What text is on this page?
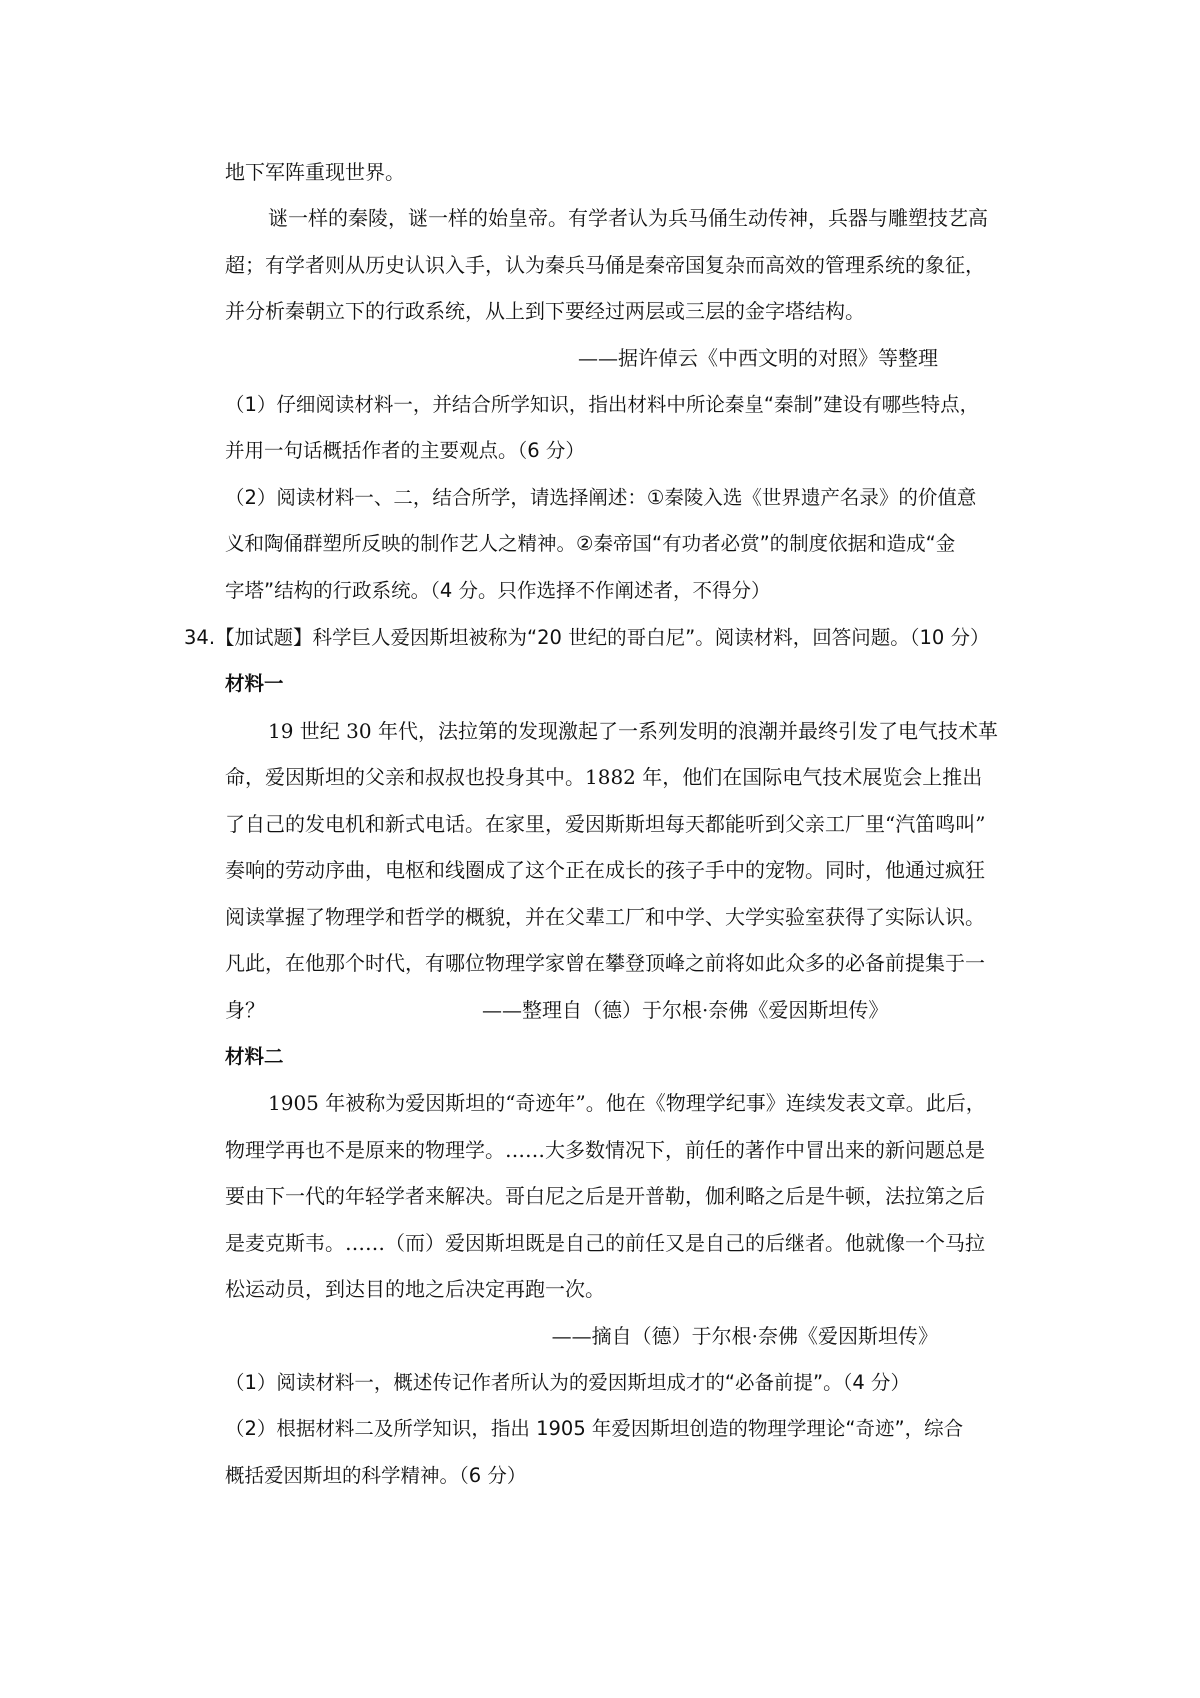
地下军阵重现世界。
谜一样的秦陵，谜一样的始皇帝。有学者认为兵马俑生动传神，兵器与雕塑技艺高
超；有学者则从历史认识入手，认为秦兵马俑是秦帝国复杂而高效的管理系统的象征，
并分析秦朝立下的行政系统，从上到下要经过两层或三层的金字塔结构。
——据许倬云《中西文明的对照》等整理
（1）仔细阅读材料一，并结合所学知识，指出材料中所论秦皇“秦制”建设有哪些特点，
并用一句话概括作者的主要观点。（6 分）
（2）阅读材料一、二，结合所学，请选择阐述：①秦陵入选《世界遗产名录》的价值意
义和陶俑群塑所反映的制作艺人之精神。②秦帝国“有功者必赏”的制度依据和造成“金
字塔”结构的行政系统。（4 分。只作选择不作阐述者，不得分）
34.【加试题】科学巨人爱因斯坦被称为“20 世纪的哥白尼”。阅读材料，回答问题。（10 分）
材料一
19 世纪 30 年代，法拉第的发现激起了一系列发明的浪潮并最终引发了电气技术革
命，爱因斯坦的父亲和叔叔也投身其中。1882 年，他们在国际电气技术展览会上推出
了自己的发电机和新式电话。在家里，爱因斯斯坦每天都能听到父亲工厂里“汽笛鸣叫”
奏响的劳动序曲，电枢和线圈成了这个正在成长的孩子手中的宠物。同时，他通过疯狂
阅读掌握了物理学和哲学的概貌，并在父辈工厂和中学、大学实验室获得了实际认识。
凡此，在他那个时代，有哪位物理学家曾在攀登顶峰之前将如此众多的必备前提集于一
身？	——整理自（德）于尔根·奈佛《爱因斯坦传》
材料二
1905 年被称为爱因斯坦的“奇迹年”。他在《物理学纪事》连续发表文章。此后，
物理学再也不是原来的物理学。……大多数情况下，前任的著作中冒出来的新问题总是
要由下一代的年轻学者来解决。哥白尼之后是开普勒，伽利略之后是牛顿，法拉第之后
是麦克斯韦。……（而）爱因斯坦既是自己的前任又是自己的后继者。他就像一个马拉
松运动员，到达目的地之后决定再跑一次。
——摘自（德）于尔根·奈佛《爱因斯坦传》
（1）阅读材料一，概述传记作者所认为的爱因斯坦成才的“必备前提”。（4 分）
（2）根据材料二及所学知识，指出 1905 年爱因斯坦创造的物理学理论“奇迹”，综合
概括爱因斯坦的科学精神。（6 分）
